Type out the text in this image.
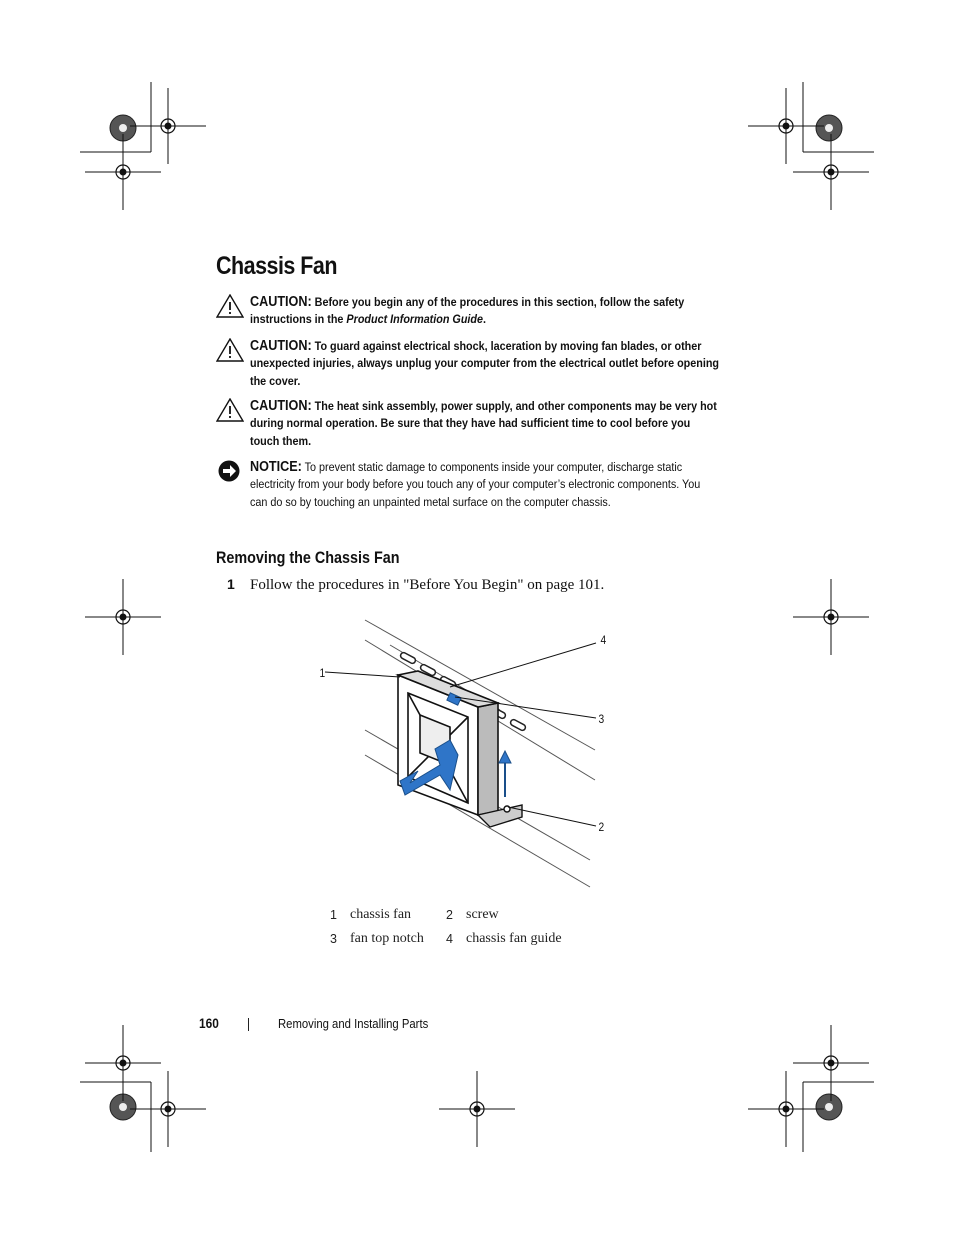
Chassis Fan
CAUTION: Before you begin any of the procedures in this section, follow the safety instructions in the Product Information Guide.
CAUTION: To guard against electrical shock, laceration by moving fan blades, or other unexpected injuries, always unplug your computer from the electrical outlet before opening the cover.
CAUTION: The heat sink assembly, power supply, and other components may be very hot during normal operation. Be sure that they have had sufficient time to cool before you touch them.
NOTICE: To prevent static damage to components inside your computer, discharge static electricity from your body before you touch any of your computer’s electronic components. You can do so by touching an unpainted metal surface on the computer chassis.
Removing the Chassis Fan
1 Follow the procedures in "Before You Begin" on page 101.
1
2
3
4
1	chassis fan	2	screw
3	fan top notch	4	chassis fan guide
160	Removing and Installing Parts
